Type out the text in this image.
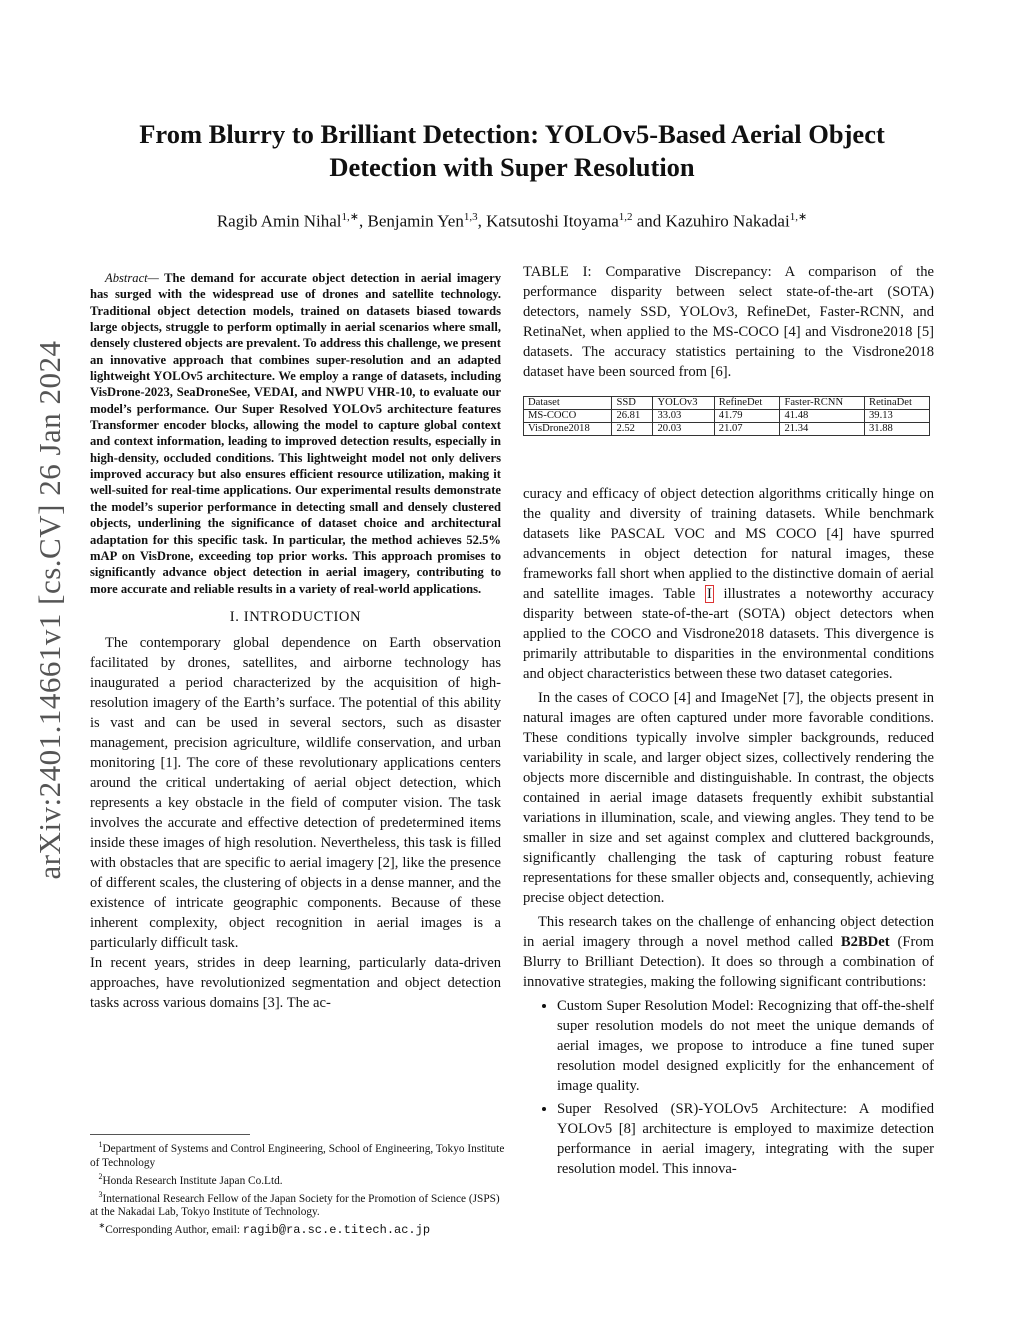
From Blurry to Brilliant Detection: YOLOv5-Based Aerial Object Detection with Super Resolution
Ragib Amin Nihal$^{1,∗}$, Benjamin Yen$^{1,3}$, Katsutoshi Itoyama$^{1,2}$ and Kazuhiro Nakadai$^{1,∗}$
arXiv:2401.14661v1 [cs.CV] 26 Jan 2024
Abstract— The demand for accurate object detection in aerial imagery has surged with the widespread use of drones and satellite technology. Traditional object detection models, trained on datasets biased towards large objects, struggle to perform optimally in aerial scenarios where small, densely clustered objects are prevalent. To address this challenge, we present an innovative approach that combines super-resolution and an adapted lightweight YOLOv5 architecture. We employ a range of datasets, including VisDrone-2023, SeaDroneSee, VEDAI, and NWPU VHR-10, to evaluate our model’s performance. Our Super Resolved YOLOv5 architecture features Transformer encoder blocks, allowing the model to capture global context and context information, leading to improved detection results, especially in high-density, occluded conditions. This lightweight model not only delivers improved accuracy but also ensures efficient resource utilization, making it well-suited for real-time applications. Our experimental results demonstrate the model’s superior performance in detecting small and densely clustered objects, underlining the significance of dataset choice and architectural adaptation for this specific task. In particular, the method achieves 52.5% mAP on VisDrone, exceeding top prior works. This approach promises to significantly advance object detection in aerial imagery, contributing to more accurate and reliable results in a variety of real-world applications.
I. INTRODUCTION

The contemporary global dependence on Earth observation facilitated by drones, satellites, and airborne technology has inaugurated a period characterized by the acquisition of high-resolution imagery of the Earth’s surface. The potential of this ability is vast and can be used in several sectors, such as disaster management, precision agriculture, wildlife conservation, and urban monitoring [1]. The core of these revolutionary applications centers around the critical undertaking of aerial object detection, which represents a key obstacle in the field of computer vision. The task involves the accurate and effective detection of predetermined items inside these images of high resolution. Nevertheless, this task is filled with obstacles that are specific to aerial imagery [2], like the presence of different scales, the clustering of objects in a dense manner, and the existence of intricate geographic components. Because of these inherent complexity, object recognition in aerial images is a particularly difficult task.

In recent years, strides in deep learning, particularly data-driven approaches, have revolutionized segmentation and object detection tasks across various domains [3]. The ac-

$^1$Department of Systems and Control Engineering, School of Engineering, Tokyo Institute of Technology
$^2$Honda Research Institute Japan Co.Ltd.
$^3$International Research Fellow of the Japan Society for the Promotion of Science (JSPS) at the Nakadai Lab, Tokyo Institute of Technology.
∗Corresponding Author, email: ragib@ra.sc.e.titech.ac.jp

TABLE I: Comparative Discrepancy: A comparison of the performance disparity between select state-of-the-art (SOTA) detectors, namely SSD, YOLOv3, RefineDet, Faster-RCNN, and RetinaNet, when applied to the MS-COCO [4] and Visdrone2018 [5] datasets. The accuracy statistics pertaining to the Visdrone2018 dataset have been sourced from [6].

Dataset	SSD	YOLOv3	RefineDet	Faster-RCNN	RetinaDet
MS-COCO	26.81	33.03	41.79	41.48	39.13
VisDrone2018	2.52	20.03	21.07	21.34	31.88

curacy and efficacy of object detection algorithms critically hinge on the quality and diversity of training datasets. While benchmark datasets like PASCAL VOC and MS COCO [4] have spurred advancements in object detection for natural images, these frameworks fall short when applied to the distinctive domain of aerial and satellite images. Table I illustrates a noteworthy accuracy disparity between state-of-the-art (SOTA) object detectors when applied to the COCO and Visdrone2018 datasets. This divergence is primarily attributable to disparities in the environmental conditions and object characteristics between these two dataset categories.

In the cases of COCO [4] and ImageNet [7], the objects present in natural images are often captured under more favorable conditions. These conditions typically involve simpler backgrounds, reduced variability in scale, and larger object sizes, collectively rendering the objects more discernible and distinguishable. In contrast, the objects contained in aerial image datasets frequently exhibit substantial variations in illumination, scale, and viewing angles. They tend to be smaller in size and set against complex and cluttered backgrounds, significantly challenging the task of capturing robust feature representations for these smaller objects and, consequently, achieving precise object detection.

This research takes on the challenge of enhancing object detection in aerial imagery through a novel method called B2BDet (From Blurry to Brilliant Detection). It does so through a combination of innovative strategies, making the following significant contributions:

• Custom Super Resolution Model: Recognizing that off-the-shelf super resolution models do not meet the unique demands of aerial images, we propose to introduce a fine tuned super resolution model designed explicitly for the enhancement of image quality.
• Super Resolved (SR)-YOLOv5 Architecture: A modified YOLOv5 [8] architecture is employed to maximize detection performance in aerial imagery, integrating with the super resolution model. This innova-
